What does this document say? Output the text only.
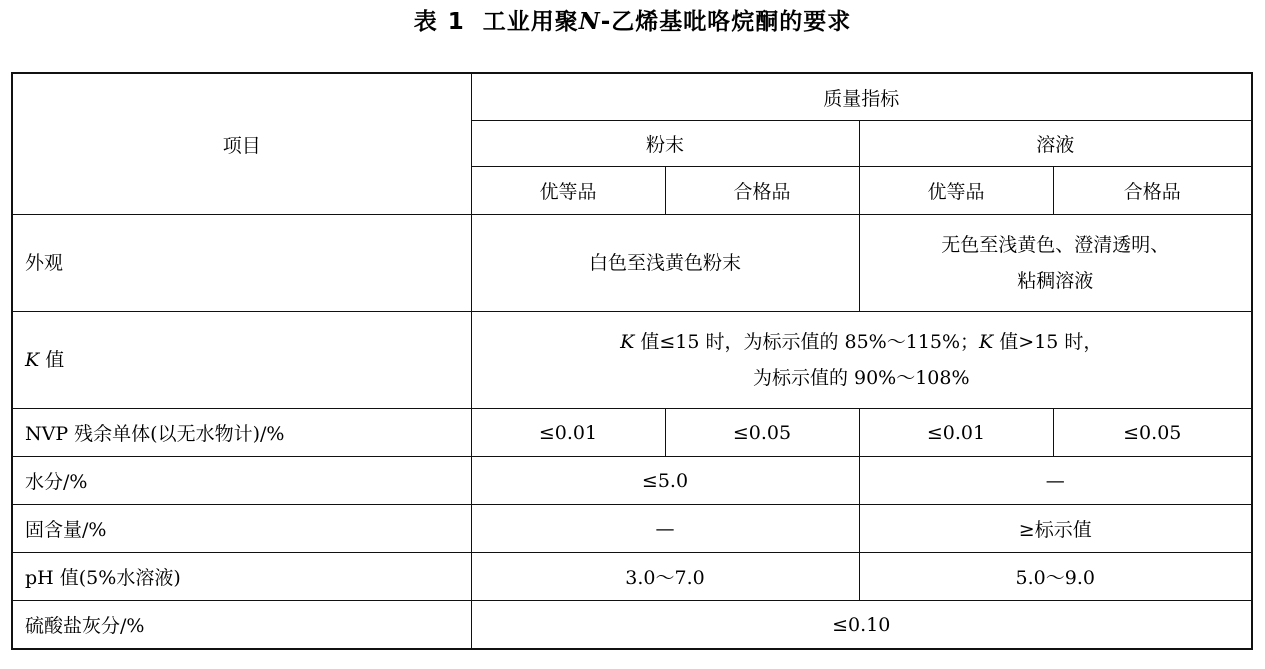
表 1 工业用聚N-乙烯基吡咯烷酮的要求
项目	质量指标			
	粉末		溶液	
	优等品	合格品	优等品	合格品
外观	白色至浅黄色粉末		无色至浅黄色、澄清透明、
粘稠溶液	

K 值	K 值≤15 时，为标示值的 85%～115%；K 值>15 时，
为标示值的 90%～108%			

NVP 残余单体(以无水物计)/%	≤0.01	≤0.05	≤0.01	≤0.05
水分/%	≤5.0		—	
固含量/%	—		≥标示值	
pH 值(5%水溶液)	3.0～7.0		5.0～9.0	
硫酸盐灰分/%	≤0.10			
